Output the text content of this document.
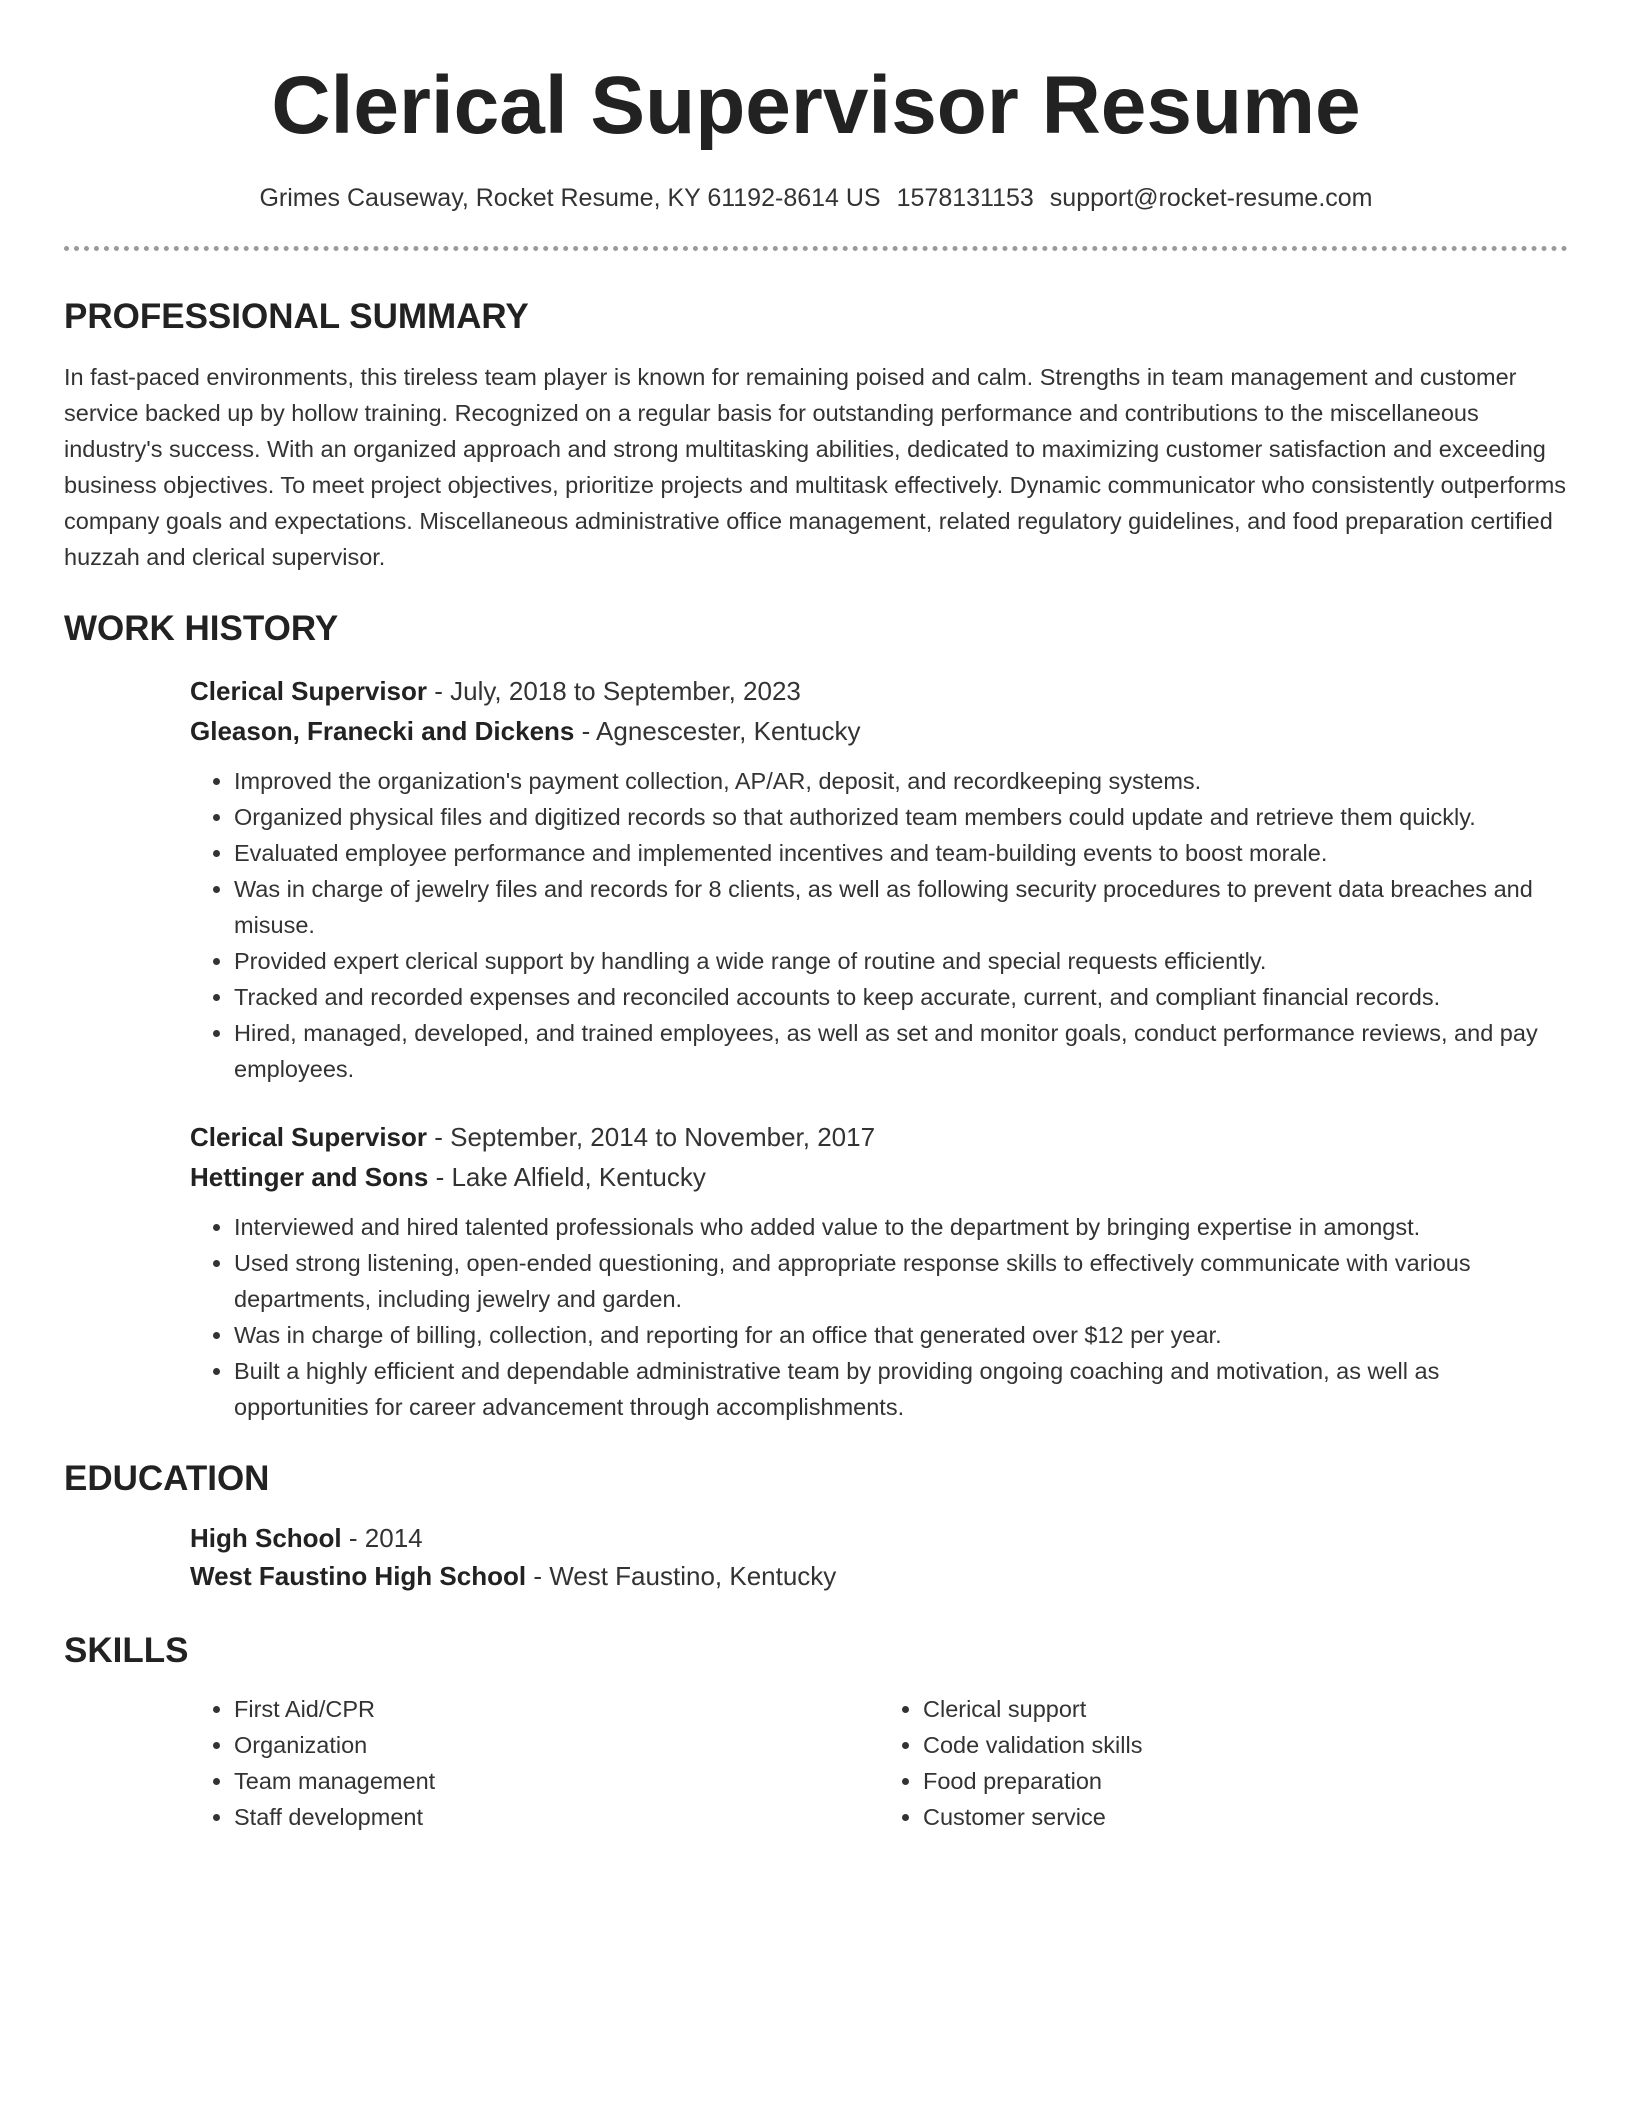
Clerical Supervisor Resume
Grimes Causeway, Rocket Resume, KY 61192-8614 US 1578131153 support@rocket-resume.com
PROFESSIONAL SUMMARY

In fast-paced environments, this tireless team player is known for remaining poised and calm. Strengths in team management and customer service backed up by hollow training. Recognized on a regular basis for outstanding performance and contributions to the miscellaneous industry's success. With an organized approach and strong multitasking abilities, dedicated to maximizing customer satisfaction and exceeding business objectives. To meet project objectives, prioritize projects and multitask effectively. Dynamic communicator who consistently outperforms company goals and expectations. Miscellaneous administrative office management, related regulatory guidelines, and food preparation certified huzzah and clerical supervisor.

WORK HISTORY
Clerical Supervisor - July, 2018 to September, 2023
Gleason, Franecki and Dickens - Agnescester, Kentucky
• Improved the organization's payment collection, AP/AR, deposit, and recordkeeping systems.
• Organized physical files and digitized records so that authorized team members could update and retrieve them quickly.
• Evaluated employee performance and implemented incentives and team-building events to boost morale.
• Was in charge of jewelry files and records for 8 clients, as well as following security procedures to prevent data breaches and misuse.
• Provided expert clerical support by handling a wide range of routine and special requests efficiently.
• Tracked and recorded expenses and reconciled accounts to keep accurate, current, and compliant financial records.
• Hired, managed, developed, and trained employees, as well as set and monitor goals, conduct performance reviews, and pay employees.
Clerical Supervisor - September, 2014 to November, 2017
Hettinger and Sons - Lake Alfield, Kentucky
• Interviewed and hired talented professionals who added value to the department by bringing expertise in amongst.
• Used strong listening, open-ended questioning, and appropriate response skills to effectively communicate with various departments, including jewelry and garden.
• Was in charge of billing, collection, and reporting for an office that generated over $12 per year.
• Built a highly efficient and dependable administrative team by providing ongoing coaching and motivation, as well as opportunities for career advancement through accomplishments.
EDUCATION
High School - 2014
West Faustino High School - West Faustino, Kentucky
SKILLS
• First Aid/CPR
• Organization
• Team management
• Staff development
• Clerical support
• Code validation skills
• Food preparation
• Customer service
